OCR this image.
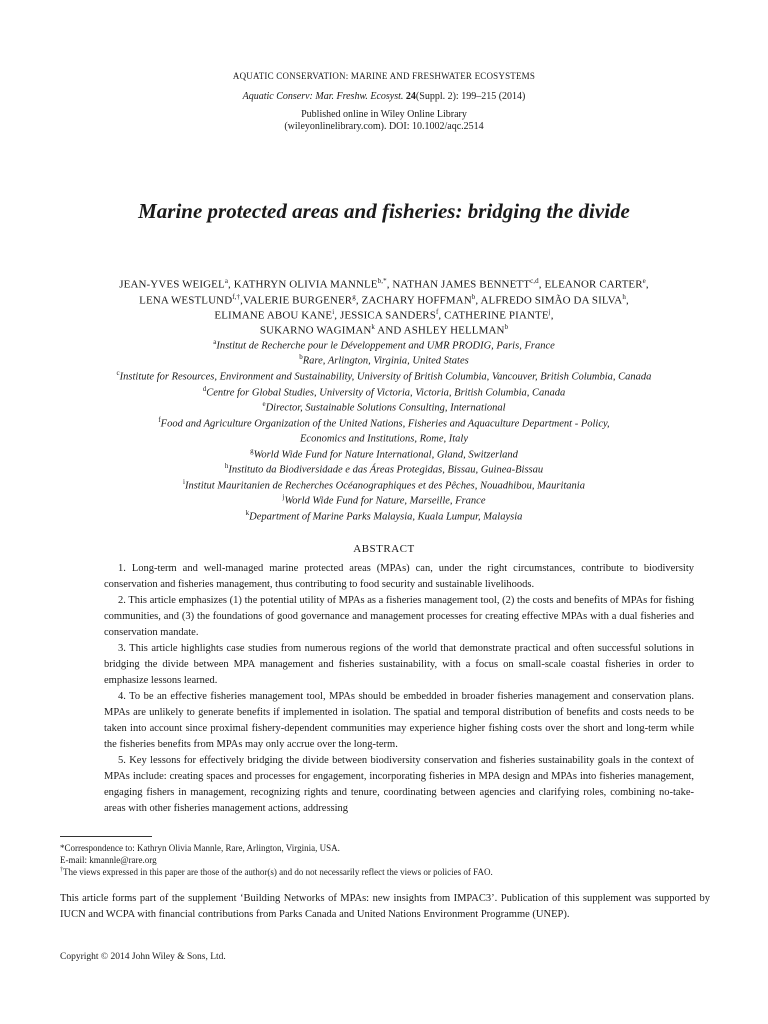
AQUATIC CONSERVATION: MARINE AND FRESHWATER ECOSYSTEMS
Aquatic Conserv: Mar. Freshw. Ecosyst. 24(Suppl. 2): 199–215 (2014)
Published online in Wiley Online Library
(wileyonlinelibrary.com). DOI: 10.1002/aqc.2514
Marine protected areas and fisheries: bridging the divide
JEAN-YVES WEIGEL$^a$, KATHRYN OLIVIA $MANNLE^{b,*}$, NATHAN JAMES BENNETT$^{c,d}$, ELEANOR CARTER$^e$,
LENA $WESTLUND^{f,\dagger},VALERIE$ BURGENER$^g$, ZACHARY HOFFMAN$^b$, ALFREDO SIMÃO DA SILVA$^h$,
ELIMANE ABOU KANE$^i$, JESSICA SANDERS$^f$, CATHERINE PIANTE$^j$,
SUKARNO WAGIMAN$^k$ AND ASHLEY HELLMAN$^b$
$^a$Institut de Recherche pour le Développement and UMR PRODIG, Paris, France
$^b$Rare, Arlington, Virginia, United States
$^c$Institute for Resources, Environment and Sustainability, University of British Columbia, Vancouver, British Columbia, Canada
$^d$Centre for Global Studies, University of Victoria, Victoria, British Columbia, Canada
$^e$Director, Sustainable Solutions Consulting, International
$^f$Food and Agriculture Organization of the United Nations, Fisheries and Aquaculture Department - Policy,
Economics and Institutions, Rome, Italy
$^g$World Wide Fund for Nature International, Gland, Switzerland
$^h$Instituto da Biodiversidade e das Áreas Protegidas, Bissau, Guinea-Bissau
$^i$Institut Mauritanien de Recherches Océanographiques et des Pêches, Nouadhibou, Mauritania
$^j$World Wide Fund for Nature, Marseille, France
$^k$Department of Marine Parks Malaysia, Kuala Lumpur, Malaysia
ABSTRACT

1. Long-term and well-managed marine protected areas (MPAs) can, under the right circumstances, contribute to biodiversity conservation and fisheries management, thus contributing to food security and sustainable livelihoods.

2. This article emphasizes (1) the potential utility of MPAs as a fisheries management tool, (2) the costs and benefits of MPAs for fishing communities, and (3) the foundations of good governance and management processes for creating effective MPAs with a dual fisheries and conservation mandate.

3. This article highlights case studies from numerous regions of the world that demonstrate practical and often successful solutions in bridging the divide between MPA management and fisheries sustainability, with a focus on small-scale coastal fisheries in order to emphasize lessons learned.

4. To be an effective fisheries management tool, MPAs should be embedded in broader fisheries management and conservation plans. MPAs are unlikely to generate benefits if implemented in isolation. The spatial and temporal distribution of benefits and costs needs to be taken into account since proximal fishery-dependent communities may experience higher fishing costs over the short and long-term while the fisheries benefits from MPAs may only accrue over the long-term.

5. Key lessons for effectively bridging the divide between biodiversity conservation and fisheries sustainability goals in the context of MPAs include: creating spaces and processes for engagement, incorporating fisheries in MPA design and MPAs into fisheries management, engaging fishers in management, recognizing rights and tenure, coordinating between agencies and clarifying roles, combining no-take-areas with other fisheries management actions, addressing

*Correspondence to: Kathryn Olivia Mannle, Rare, Arlington, Virginia, USA.
E-mail: kmannle@rare.org
†The views expressed in this paper are those of the author(s) and do not necessarily reflect the views or policies of FAO.
This article forms part of the supplement ‘Building Networks of MPAs: new insights from IMPAC3’. Publication of this supplement was supported by IUCN and WCPA with financial contributions from Parks Canada and United Nations Environment Programme (UNEP).
Copyright © 2014 John Wiley & Sons, Ltd.
